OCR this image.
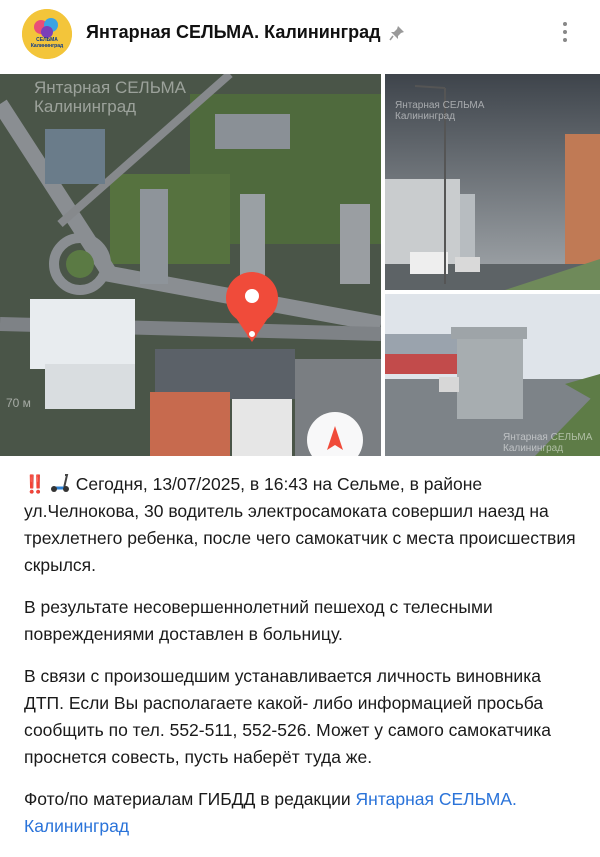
СЕЛЬМА Калининград
Янтарная СЕЛЬМА. Калининград
Янтарная СЕЛЬМА
Калининград
70 м
Янтарная СЕЛЬМА
Калининград
Янтарная СЕЛЬМА
Калининград

‼️ Сегодня, 13/07/2025, в 16:43 на Сельме, в районе ул.Челнокова, 30 водитель электросамоката совершил наезд на трехлетнего ребенка, после чего самокатчик с места происшествия скрылся.

В результате несовершеннолетний пешеход с телесными повреждениями доставлен в больницу.

В связи с произошедшим устанавливается личность виновника ДТП. Если Вы располагаете какой- либо информацией просьба сообщить по тел. 552-511, 552-526. Может у самого самокатчика проснется совесть, пусть наберёт туда же.

Фото/по материалам ГИБДД в редакции Янтарная СЕЛЬМА. Калининград
